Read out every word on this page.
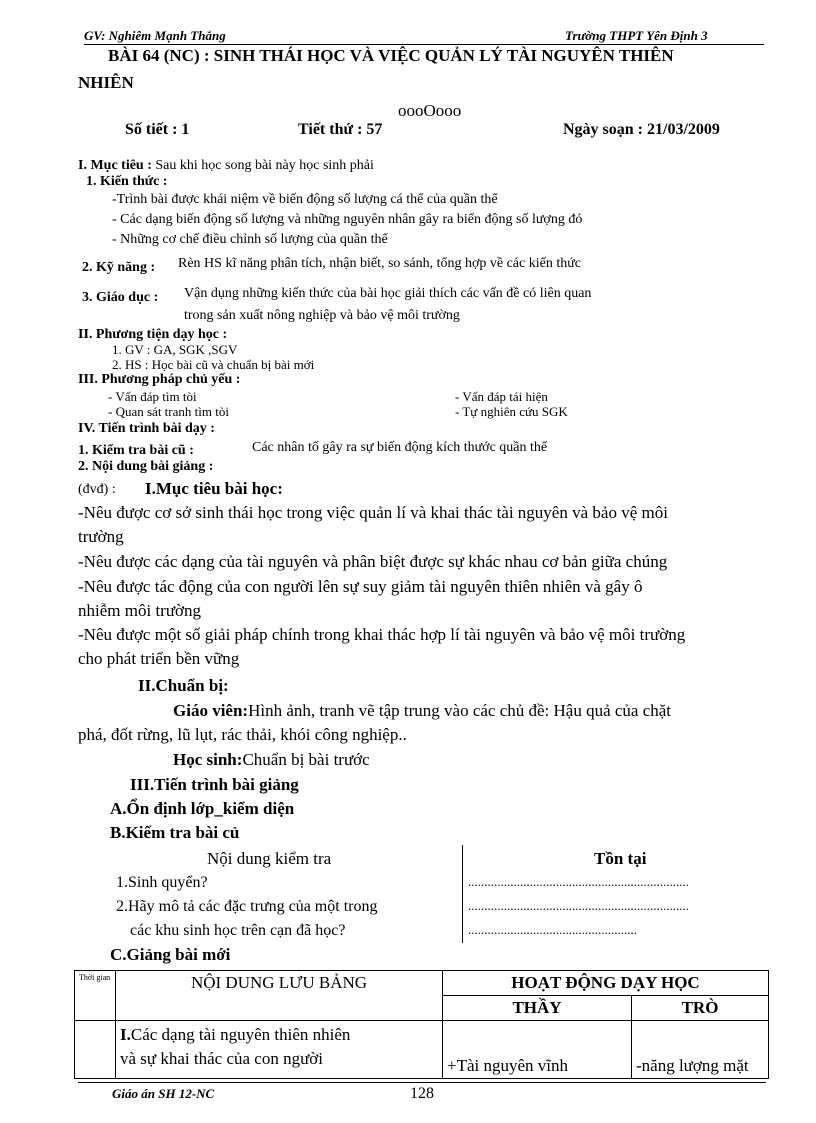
GV: Nghiêm Mạnh Thắng	Trường THPT Yên Định 3
BÀI 64 (NC) : SINH THÁI HỌC VÀ VIỆC QUẢN LÝ TÀI NGUYÊN THIÊN
NHIÊN
oooOooo
Số tiết : 1	Tiết thứ : 57	Ngày soạn : 21/03/2009
I. Mục tiêu : Sau khi học song bài này học sinh phải
1. Kiến thức :
-Trình bài được khái niệm về biến động số lượng cá thể của quần thể
- Các dạng biến động số lượng và những nguyên nhân gây ra biến động số lượng đó
- Những cơ chế điều chỉnh số lượng của quần thể
2. Kỹ năng : Rèn HS kĩ năng phân tích, nhận biết, so sánh, tổng hợp về các kiến thức
3. Giáo dục : Vận dụng những kiến thức của bài học giải thích các vấn đề có liên quan
trong sản xuất nông nghiệp và bảo vệ môi trường
II. Phương tiện dạy học :
1. GV : GA, SGK ,SGV
2. HS : Học bài cũ và chuẩn bị bài mới
III. Phương pháp chủ yếu :
- Vấn đáp tìm tòi	- Vấn đáp tái hiện
- Quan sát tranh tìm tòi	- Tự nghiên cứu SGK
IV. Tiến trình bài dạy :
1. Kiểm tra bài cũ :	Các nhân tố gây ra sự biến động kích thước quần thể
2. Nội dung bài giảng :
(đvđ) : I.Mục tiêu bài học:
-Nêu được cơ sở sinh thái học trong việc quản lí và khai thác tài nguyên và bảo vệ môi
trường
-Nêu được các dạng của tài nguyên và phân biệt được sự khác nhau cơ bản giữa chúng
-Nêu được tác động của con người lên sự suy giảm tài nguyên thiên nhiên và gây ô
nhiễm môi trường
-Nêu được một số giải pháp chính trong khai thác hợp lí tài nguyên và bảo vệ môi trường
cho phát triển bền vững
II.Chuẩn bị:
Giáo viên:Hình ảnh, tranh vẽ tập trung vào các chủ đề: Hậu quả của chặt
phá, đốt rừng, lũ lụt, rác thải, khói công nghiệp..
Học sinh:Chuẩn bị bài trước
III.Tiến trình bài giảng
A.Ổn định lớp_kiểm diện
B.Kiểm tra bài củ
Nội dung kiểm tra	Tồn tại
1.Sinh quyển?	....................................................................
2.Hãy mô tả các đặc trưng của một trong	....................................................................
các khu sinh học trên cạn đã học?	....................................................
C.Giảng bài mới
Thời gian	NỘI DUNG LƯU BẢNG	HOẠT ĐỘNG DẠY HỌC	
		THẦY	TRÒ
	I.Các dạng tài nguyên thiên nhiên
và sự khai thác của con người	+Tài nguyên vĩnh	-năng lượng mặt
Giáo án SH 12-NC	128
